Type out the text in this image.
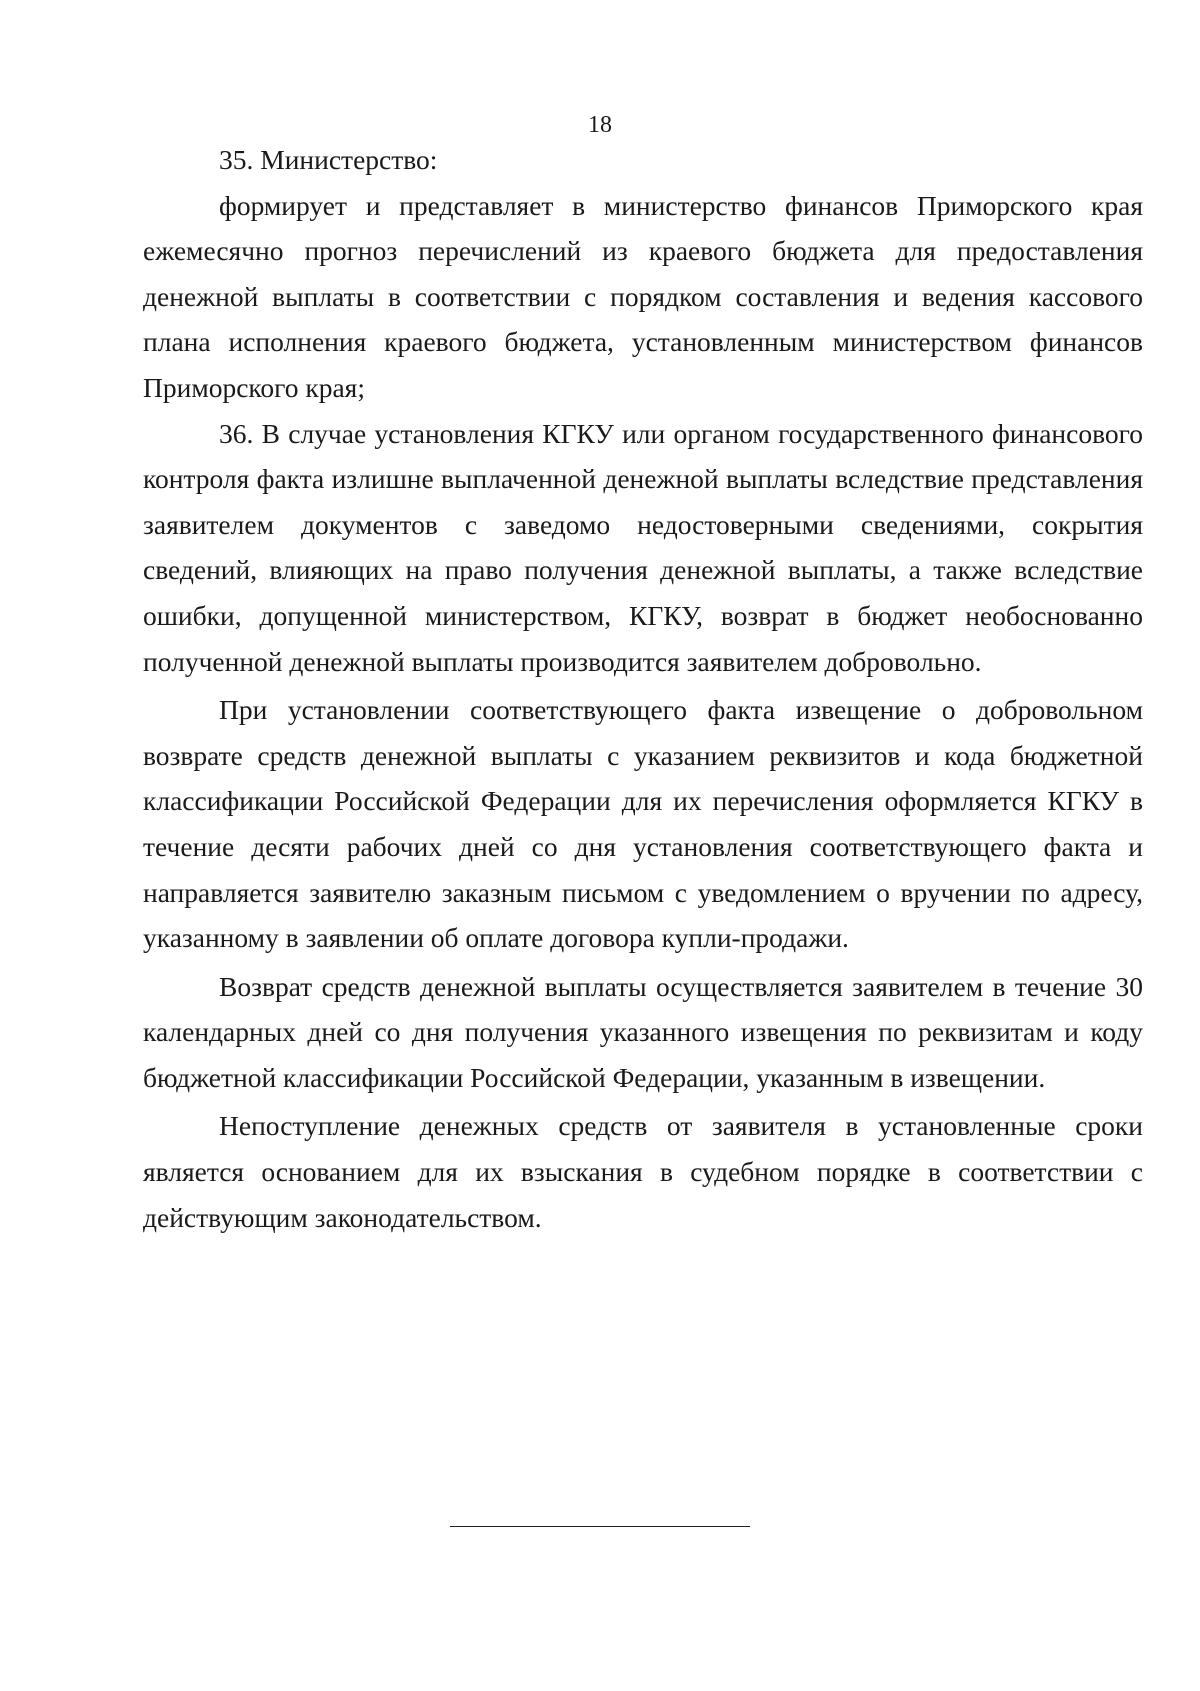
18

35. Министерство:

формирует и представляет в министерство финансов Приморского края ежемесячно прогноз перечислений из краевого бюджета для предоставления денежной выплаты в соответствии с порядком составления и ведения кассового плана исполнения краевого бюджета, установленным министерством финансов Приморского края;

36. В случае установления КГКУ или органом государственного финансового контроля факта излишне выплаченной денежной выплаты вследствие представления заявителем документов с заведомо недостоверными сведениями, сокрытия сведений, влияющих на право получения денежной выплаты, а также вследствие ошибки, допущенной министерством, КГКУ, возврат в бюджет необоснованно полученной денежной выплаты производится заявителем добровольно.

При установлении соответствующего факта извещение о добровольном возврате средств денежной выплаты с указанием реквизитов и кода бюджетной классификации Российской Федерации для их перечисления оформляется КГКУ в течение десяти рабочих дней со дня установления соответствующего факта и направляется заявителю заказным письмом с уведомлением о вручении по адресу, указанному в заявлении об оплате договора купли-продажи.

Возврат средств денежной выплаты осуществляется заявителем в течение 30 календарных дней со дня получения указанного извещения по реквизитам и коду бюджетной классификации Российской Федерации, указанным в извещении.

Непоступление денежных средств от заявителя в установленные сроки является основанием для их взыскания в судебном порядке в соответствии с действующим законодательством.
